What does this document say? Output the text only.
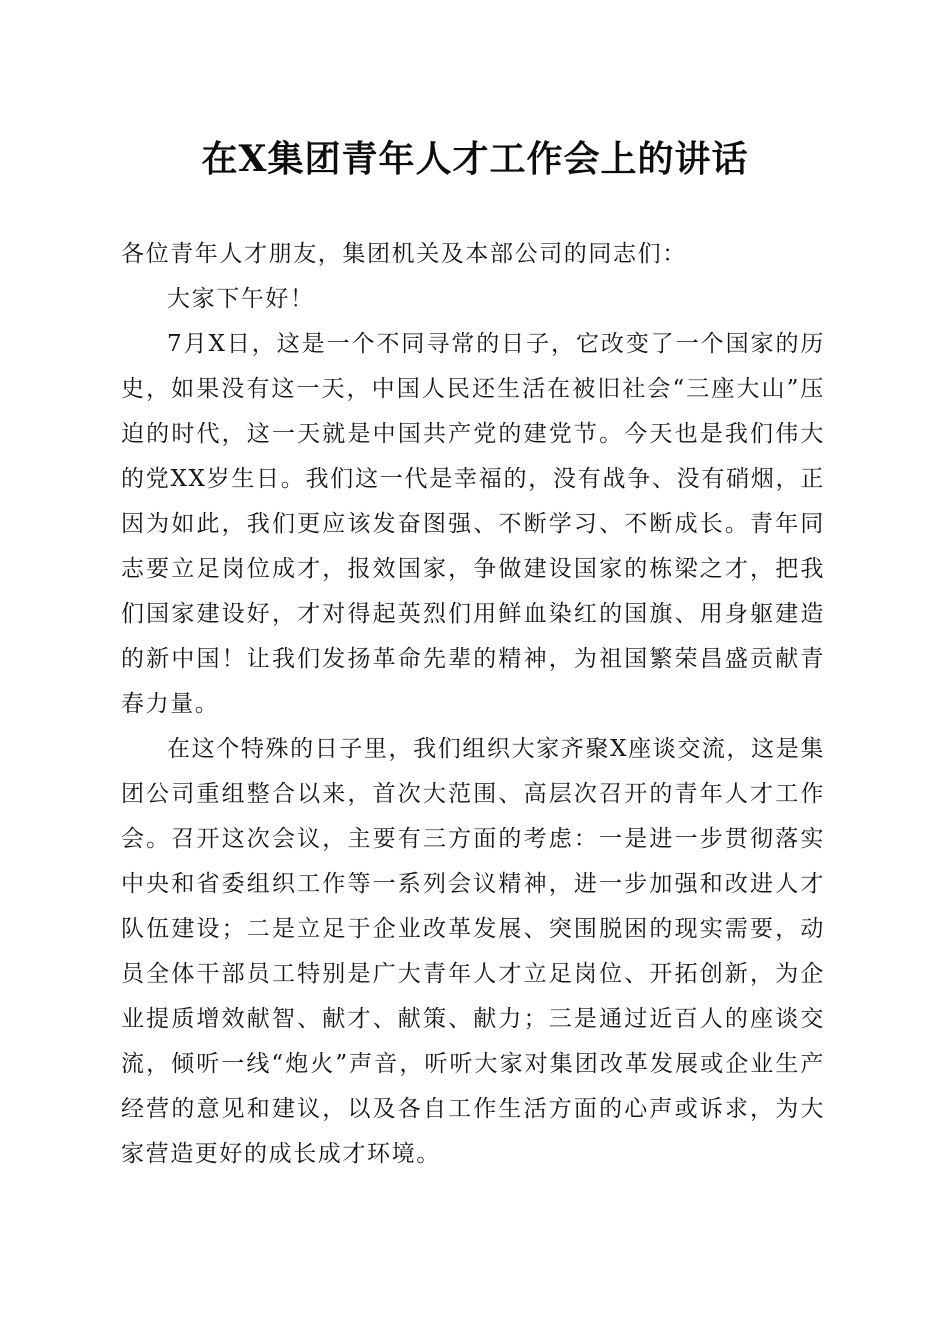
在X集团青年人才工作会上的讲话

各位青年人才朋友，集团机关及本部公司的同志们：

大家下午好！

7月X日，这是一个不同寻常的日子，它改变了一个国家的历史，如果没有这一天，中国人民还生活在被旧社会“三座大山”压迫的时代，这一天就是中国共产党的建党节。今天也是我们伟大的党XX岁生日。我们这一代是幸福的，没有战争、没有硝烟，正因为如此，我们更应该发奋图强、不断学习、不断成长。青年同志要立足岗位成才，报效国家，争做建设国家的栋梁之才，把我们国家建设好，才对得起英烈们用鲜血染红的国旗、用身躯建造的新中国！让我们发扬革命先辈的精神，为祖国繁荣昌盛贡献青春力量。

在这个特殊的日子里，我们组织大家齐聚X座谈交流，这是集团公司重组整合以来，首次大范围、高层次召开的青年人才工作会。召开这次会议，主要有三方面的考虑：一是进一步贯彻落实中央和省委组织工作等一系列会议精神，进一步加强和改进人才队伍建设；二是立足于企业改革发展、突围脱困的现实需要，动员全体干部员工特别是广大青年人才立足岗位、开拓创新，为企业提质增效献智、献才、献策、献力；三是通过近百人的座谈交流，倾听一线“炮火”声音，听听大家对集团改革发展或企业生产经营的意见和建议，以及各自工作生活方面的心声或诉求，为大家营造更好的成长成才环境。
